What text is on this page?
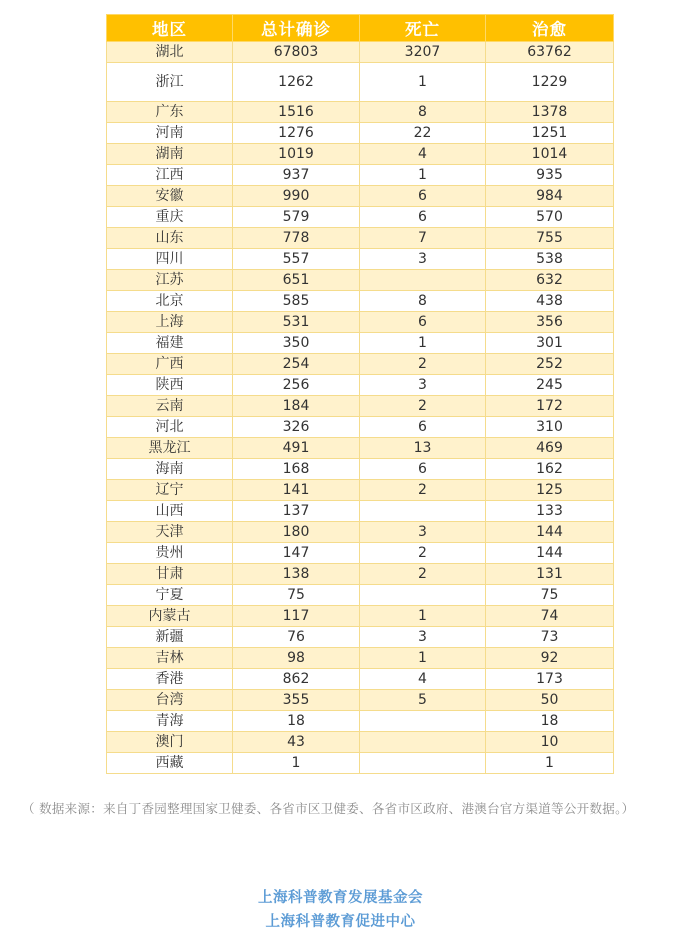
地区	总计确诊	死亡	治愈
湖北	67803	3207	63762
浙江	1262	1	1229
广东	1516	8	1378
河南	1276	22	1251
湖南	1019	4	1014
江西	937	1	935
安徽	990	6	984
重庆	579	6	570
山东	778	7	755
四川	557	3	538
江苏	651		632
北京	585	8	438
上海	531	6	356
福建	350	1	301
广西	254	2	252
陕西	256	3	245
云南	184	2	172
河北	326	6	310
黑龙江	491	13	469
海南	168	6	162
辽宁	141	2	125
山西	137		133
天津	180	3	144
贵州	147	2	144
甘肃	138	2	131
宁夏	75		75
内蒙古	117	1	74
新疆	76	3	73
吉林	98	1	92
香港	862	4	173
台湾	355	5	50
青海	18		18
澳门	43		10
西藏	1		1
（ 数据来源：来自丁香园整理国家卫健委、各省市区卫健委、各省市区政府、港澳台官方渠道等公开数据。）
上海科普教育发展基金会
上海科普教育促进中心
